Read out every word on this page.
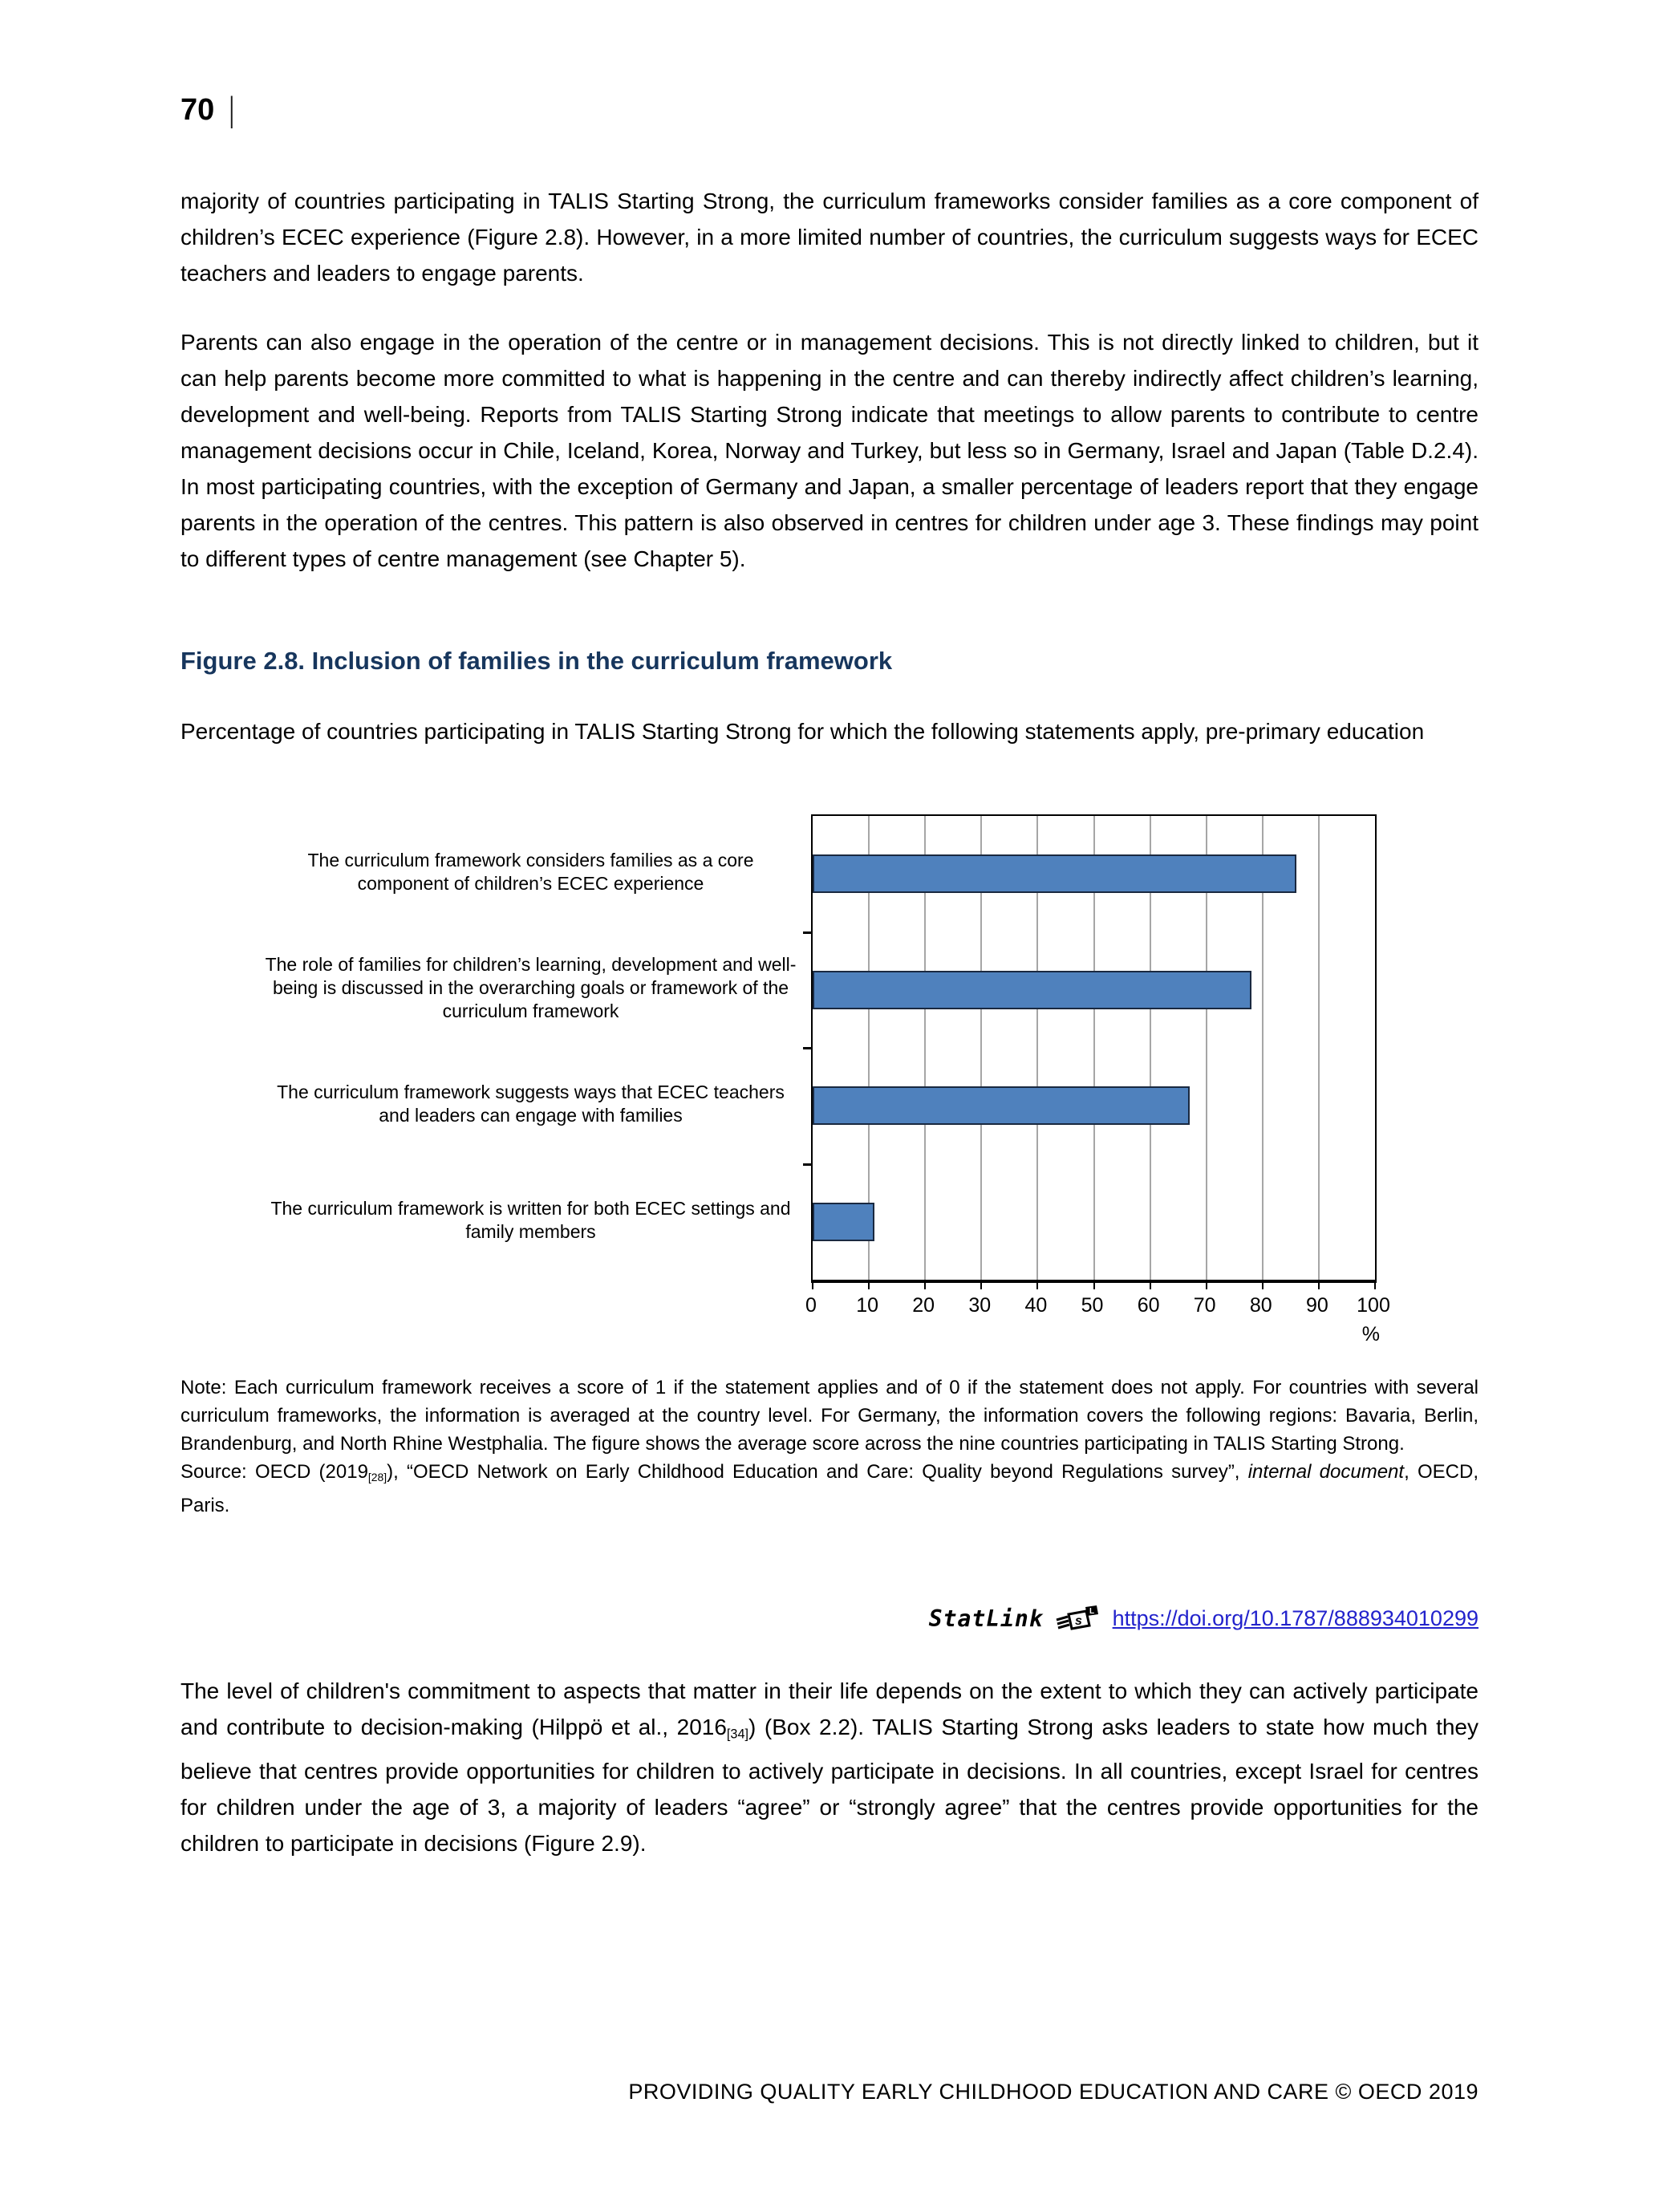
70 |

majority of countries participating in TALIS Starting Strong, the curriculum frameworks consider families as a core component of children’s ECEC experience (Figure 2.8). However, in a more limited number of countries, the curriculum suggests ways for ECEC teachers and leaders to engage parents.

Parents can also engage in the operation of the centre or in management decisions. This is not directly linked to children, but it can help parents become more committed to what is happening in the centre and can thereby indirectly affect children’s learning, development and well-being. Reports from TALIS Starting Strong indicate that meetings to allow parents to contribute to centre management decisions occur in Chile, Iceland, Korea, Norway and Turkey, but less so in Germany, Israel and Japan (Table D.2.4). In most participating countries, with the exception of Germany and Japan, a smaller percentage of leaders report that they engage parents in the operation of the centres. This pattern is also observed in centres for children under age 3. These findings may point to different types of centre management (see Chapter 5).

Figure 2.8. Inclusion of families in the curriculum framework

Percentage of countries participating in TALIS Starting Strong for which the following statements apply, pre-primary education

The curriculum framework considers families as a core component of children’s ECEC experience
The role of families for children’s learning, development and well-being is discussed in the overarching goals or framework of the curriculum framework
The curriculum framework suggests ways that ECEC teachers and leaders can engage with families
The curriculum framework is written for both ECEC settings and family members
0 10 20 30 40 50 60 70 80 90 100
%

Note: Each curriculum framework receives a score of 1 if the statement applies and of 0 if the statement does not apply. For countries with several curriculum frameworks, the information is averaged at the country level. For Germany, the information covers the following regions: Bavaria, Berlin, Brandenburg, and North Rhine Westphalia. The figure shows the average score across the nine countries participating in TALIS Starting Strong.

Source: OECD $(2019_{[28]})$, “OECD Network on Early Childhood Education and Care: Quality beyond Regulations survey”, internal document, OECD, Paris.

StatLink s
L https://doi.org/10.1787/888934010299

The level of children's commitment to aspects that matter in their life depends on the extent to which they can actively participate and contribute to decision-making (Hilppö et al., $2016_{[34]}$) (Box 2.2). TALIS Starting Strong asks leaders to state how much they believe that centres provide opportunities for children to actively participate in decisions. In all countries, except Israel for centres for children under the age of 3, a majority of leaders “agree” or “strongly agree” that the centres provide opportunities for the children to participate in decisions (Figure 2.9).

PROVIDING QUALITY EARLY CHILDHOOD EDUCATION AND CARE © OECD 2019
